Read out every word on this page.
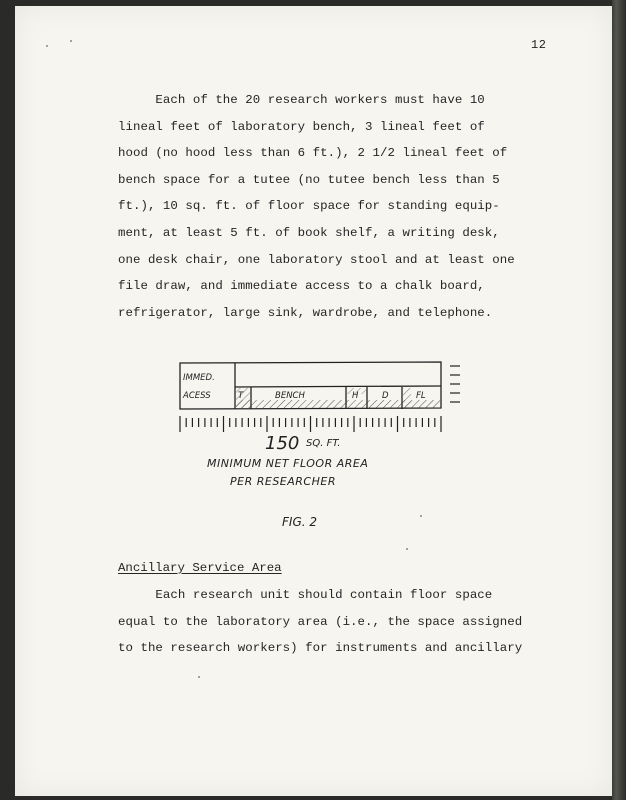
12

Each of the 20 research workers must have 10

lineal feet of laboratory bench, 3 lineal feet of

hood (no hood less than 6 ft.), 2 1/2 lineal feet of

bench space for a tutee (no tutee bench less than 5

ft.), 10 sq. ft. of floor space for standing equip-

ment, at least 5 ft. of book shelf, a writing desk,

one desk chair, one laboratory stool and at least one

file draw, and immediate access to a chalk board,

refrigerator, large sink, wardrobe, and telephone.

IMMED.
ACESS	T	BENCH	H	D	FL
150 SQ. FT.
MINIMUM NET FLOOR AREA
PER RESEARCHER
FIG. 2
Ancillary Service Area

Each research unit should contain floor space

equal to the laboratory area (i.e., the space assigned

to the research workers) for instruments and ancillary
